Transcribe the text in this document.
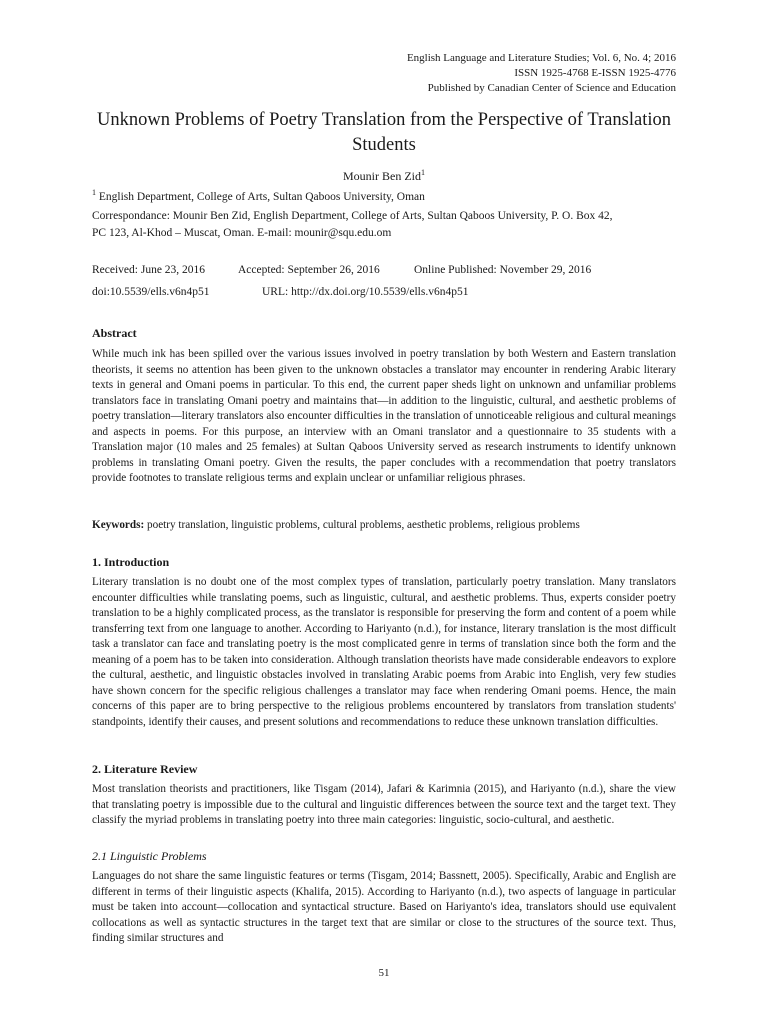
English Language and Literature Studies; Vol. 6, No. 4; 2016
ISSN 1925-4768 E-ISSN 1925-4776
Published by Canadian Center of Science and Education
Unknown Problems of Poetry Translation from the Perspective of Translation Students
Mounir Ben Zid$^1$
$^1$ English Department, College of Arts, Sultan Qaboos University, Oman
Correspondance: Mounir Ben Zid, English Department, College of Arts, Sultan Qaboos University, P. O. Box 42,
PC 123, Al-Khod – Muscat, Oman. E-mail: mounir@squ.edu.om
Received: June 23, 2016	Accepted: September 26, 2016	Online Published: November 29, 2016
doi:10.5539/ells.v6n4p51	URL: http://dx.doi.org/10.5539/ells.v6n4p51
Abstract
While much ink has been spilled over the various issues involved in poetry translation by both Western and Eastern translation theorists, it seems no attention has been given to the unknown obstacles a translator may encounter in rendering Arabic literary texts in general and Omani poems in particular. To this end, the current paper sheds light on unknown and unfamiliar problems translators face in translating Omani poetry and maintains that—in addition to the linguistic, cultural, and aesthetic problems of poetry translation—literary translators also encounter difficulties in the translation of unnoticeable religious and cultural meanings and aspects in poems. For this purpose, an interview with an Omani translator and a questionnaire to 35 students with a Translation major (10 males and 25 females) at Sultan Qaboos University served as research instruments to identify unknown problems in translating Omani poetry. Given the results, the paper concludes with a recommendation that poetry translators provide footnotes to translate religious terms and explain unclear or unfamiliar religious phrases.
Keywords: poetry translation, linguistic problems, cultural problems, aesthetic problems, religious problems
1. Introduction
Literary translation is no doubt one of the most complex types of translation, particularly poetry translation. Many translators encounter difficulties while translating poems, such as linguistic, cultural, and aesthetic problems. Thus, experts consider poetry translation to be a highly complicated process, as the translator is responsible for preserving the form and content of a poem while transferring text from one language to another. According to Hariyanto (n.d.), for instance, literary translation is the most difficult task a translator can face and translating poetry is the most complicated genre in terms of translation since both the form and the meaning of a poem has to be taken into consideration. Although translation theorists have made considerable endeavors to explore the cultural, aesthetic, and linguistic obstacles involved in translating Arabic poems from Arabic into English, very few studies have shown concern for the specific religious challenges a translator may face when rendering Omani poems. Hence, the main concerns of this paper are to bring perspective to the religious problems encountered by translators from translation students' standpoints, identify their causes, and present solutions and recommendations to reduce these unknown translation difficulties.
2. Literature Review
Most translation theorists and practitioners, like Tisgam (2014), Jafari & Karimnia (2015), and Hariyanto (n.d.), share the view that translating poetry is impossible due to the cultural and linguistic differences between the source text and the target text. They classify the myriad problems in translating poetry into three main categories: linguistic, socio-cultural, and aesthetic.
2.1 Linguistic Problems
Languages do not share the same linguistic features or terms (Tisgam, 2014; Bassnett, 2005). Specifically, Arabic and English are different in terms of their linguistic aspects (Khalifa, 2015). According to Hariyanto (n.d.), two aspects of language in particular must be taken into account—collocation and syntactical structure. Based on Hariyanto's idea, translators should use equivalent collocations as well as syntactic structures in the target text that are similar or close to the structures of the source text. Thus, finding similar structures and
51
